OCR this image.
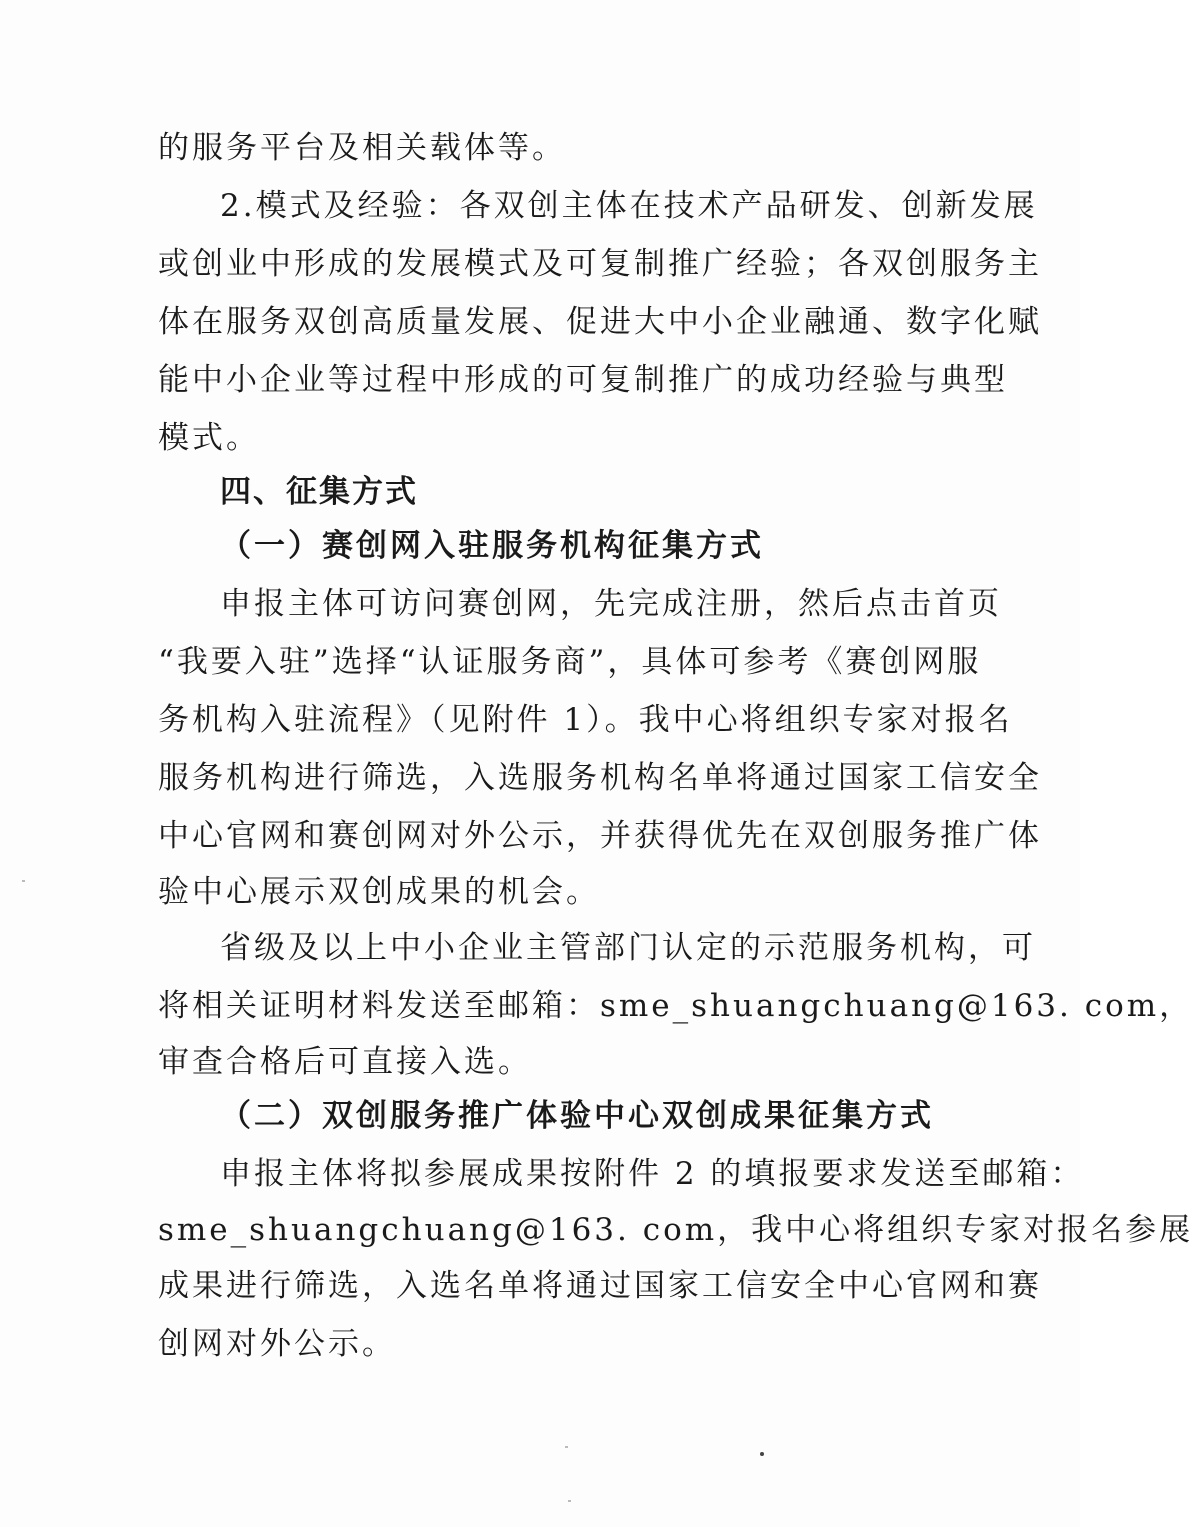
的服务平台及相关载体等。
2.模式及经验：各双创主体在技术产品研发、创新发展
或创业中形成的发展模式及可复制推广经验；各双创服务主
体在服务双创高质量发展、促进大中小企业融通、数字化赋
能中小企业等过程中形成的可复制推广的成功经验与典型
模式。
四、征集方式
（一）赛创网入驻服务机构征集方式
申报主体可访问赛创网，先完成注册，然后点击首页
“我要入驻”选择“认证服务商”，具体可参考《赛创网服
务机构入驻流程》（见附件 1）。我中心将组织专家对报名
服务机构进行筛选，入选服务机构名单将通过国家工信安全
中心官网和赛创网对外公示，并获得优先在双创服务推广体
验中心展示双创成果的机会。
省级及以上中小企业主管部门认定的示范服务机构，可
将相关证明材料发送至邮箱：sme_shuangchuang@163. com，
审查合格后可直接入选。
（二）双创服务推广体验中心双创成果征集方式
申报主体将拟参展成果按附件 2 的填报要求发送至邮箱：
sme_shuangchuang@163. com，我中心将组织专家对报名参展
成果进行筛选，入选名单将通过国家工信安全中心官网和赛
创网对外公示。
